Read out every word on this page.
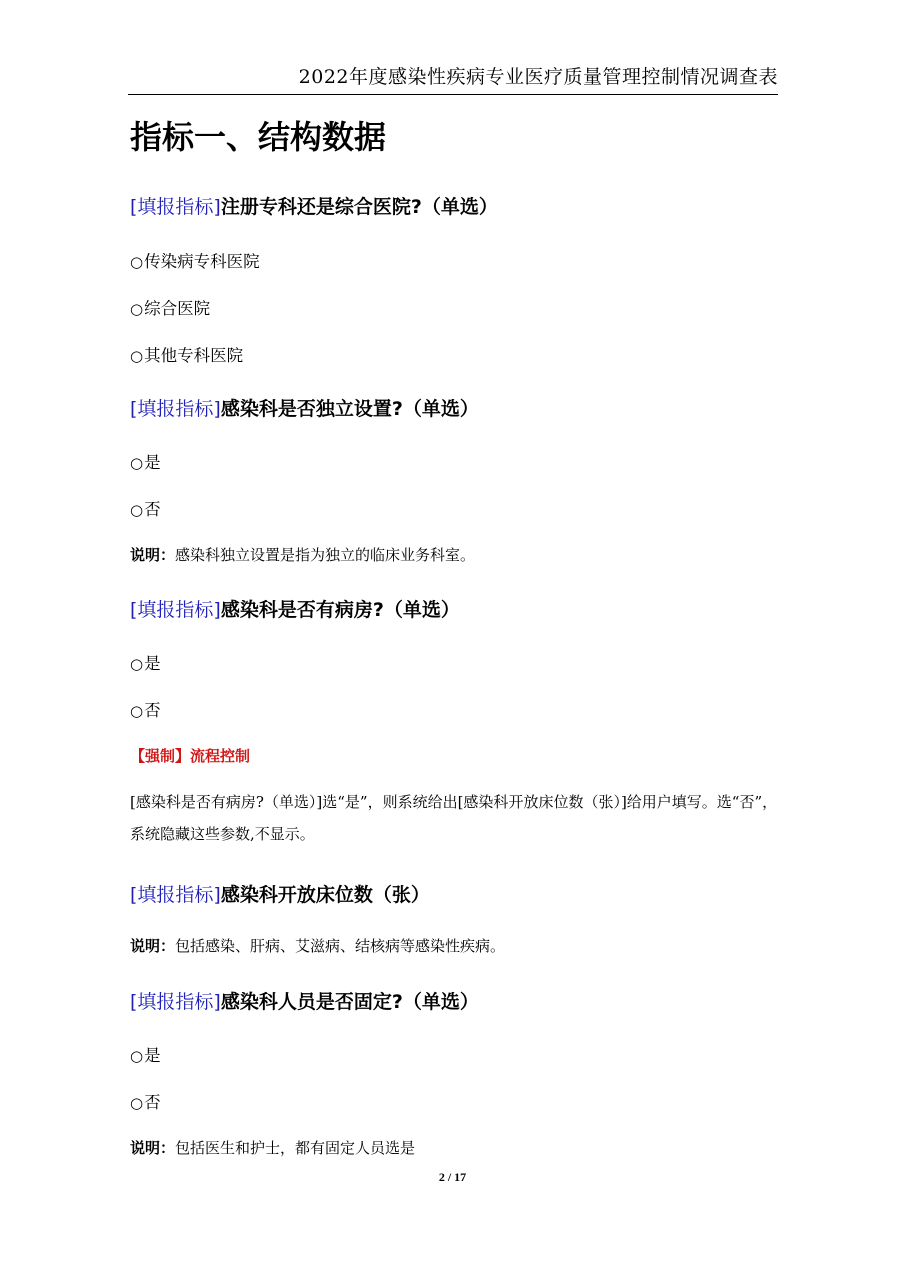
2022年度感染性疾病专业医疗质量管理控制情况调查表
指标一、结构数据
[填报指标]注册专科还是综合医院?（单选）
○传染病专科医院
○综合医院
○其他专科医院
[填报指标]感染科是否独立设置?（单选）
○是
○否
说明：感染科独立设置是指为独立的临床业务科室。
[填报指标]感染科是否有病房?（单选）
○是
○否
【强制】流程控制
[感染科是否有病房?（单选）]选“是”，则系统给出[感染科开放床位数（张）]给用户填写。选“否”，系统隐藏这些参数,不显示。
[填报指标]感染科开放床位数（张）
说明：包括感染、肝病、艾滋病、结核病等感染性疾病。
[填报指标]感染科人员是否固定?（单选）
○是
○否
说明：包括医生和护士，都有固定人员选是
2 / 17
